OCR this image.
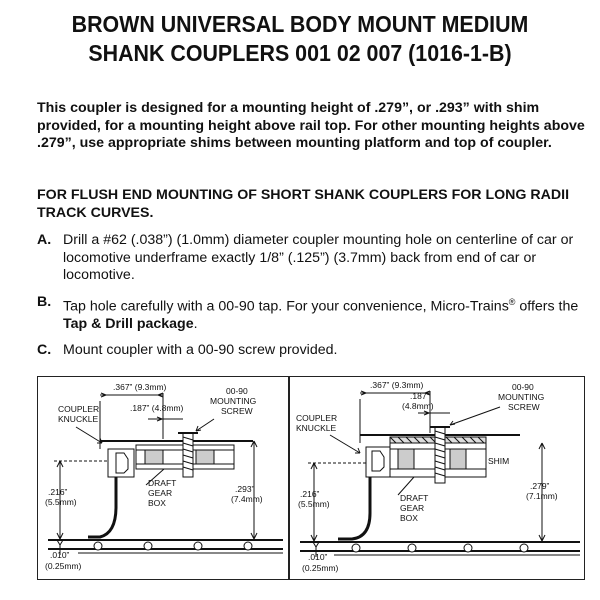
BROWN UNIVERSAL BODY MOUNT MEDIUM
SHANK COUPLERS 001 02 007 (1016-1-B)
This coupler is designed for a mounting height of .279”, or .293” with shim provided, for a mounting height above rail top. For other mounting heights above .279”, use appropriate shims between mounting platform and top of coupler.
FOR FLUSH END MOUNTING OF SHORT SHANK COUPLERS FOR LONG RADII TRACK CURVES.
A. Drill a #62 (.038”) (1.0mm) diameter coupler mounting hole on centerline of car or locomotive underframe exactly 1/8” (.125”) (3.7mm) back from end of car or locomotive.
B. Tap hole carefully with a 00-90 tap. For your convenience, Micro-Trains® offers the Tap & Drill package.
C. Mount coupler with a 00-90 screw provided.
.367” (9.3mm)	00-90
MOUNTING
SCREW
.187” (4.8mm)
COUPLER
KNUCKLE
.216”
(5.5mm)
DRAFT
GEAR
BOX
.293”
(7.4mm)
.010”
(0.25mm)
.367” (9.3mm)
.187”
(4.8mm)
00-90
MOUNTING
SCREW
COUPLER
KNUCKLE
SHIM
.216”
(5.5mm)
DRAFT
GEAR
BOX
.279”
(7.1mm)
.010”
(0.25mm)
